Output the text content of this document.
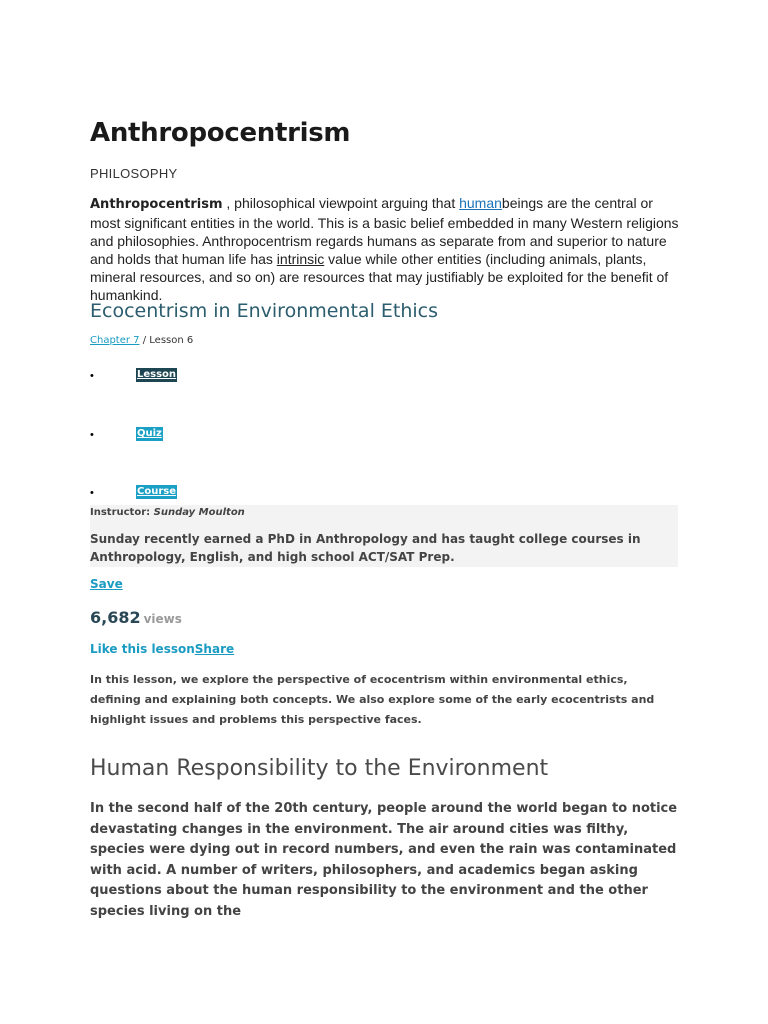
Anthropocentrism
PHILOSOPHY

Anthropocentrism , philosophical viewpoint arguing that humanbeings are the central or most significant entities in the world. This is a basic belief embedded in many Western religions and philosophies. Anthropocentrism regards humans as separate from and superior to nature and holds that human life has intrinsic value while other entities (including animals, plants, mineral resources, and so on) are resources that may justifiably be exploited for the benefit of humankind.

Ecocentrism in Environmental Ethics
Chapter 7 / Lesson 6
•	Lesson
•	Quiz
•	Course
Instructor: Sunday Moulton

Sunday recently earned a PhD in Anthropology and has taught college courses in Anthropology, English, and high school ACT/SAT Prep.

Save
6,682 views
Like this lessonShare

In this lesson, we explore the perspective of ecocentrism within environmental ethics, defining and explaining both concepts. We also explore some of the early ecocentrists and highlight issues and problems this perspective faces.

Human Responsibility to the Environment

In the second half of the 20th century, people around the world began to notice devastating changes in the environment. The air around cities was filthy, species were dying out in record numbers, and even the rain was contaminated with acid. A number of writers, philosophers, and academics began asking questions about the human responsibility to the environment and the other species living on the
